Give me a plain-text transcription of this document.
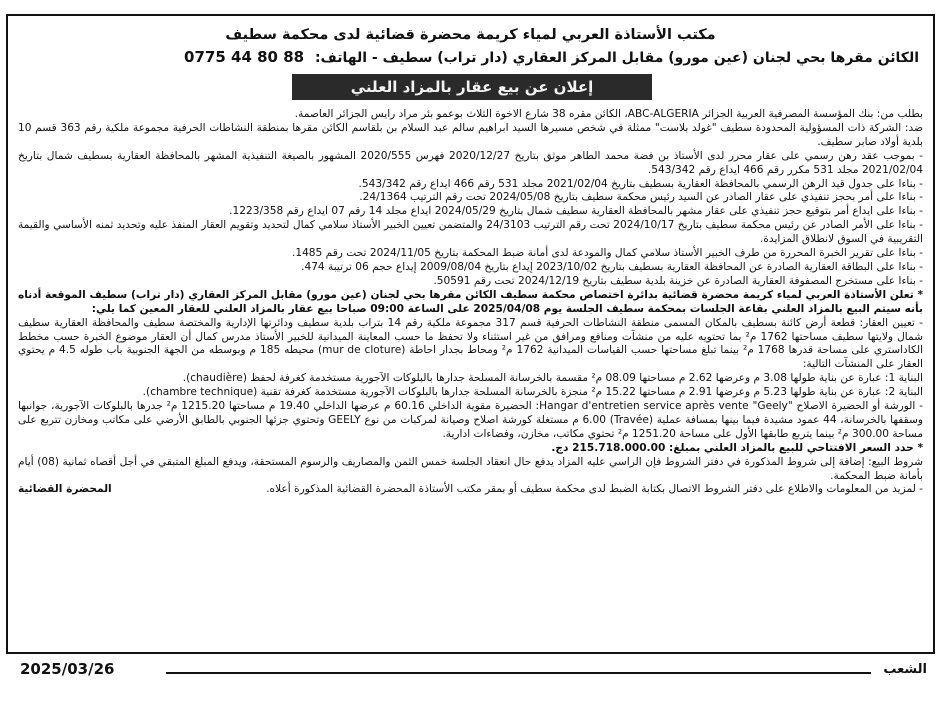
مكتب الأستاذة العربي لمياء كريمة محضرة قضائية لدى محكمة سطيف
الكائن مقرها بحي لجنان (عين مورو) مقابل المركز العقاري (دار تراب) سطيف - الهاتف: 0775 44 80 88
إعلان عن بيع عقار بالمزاد العلني

بطلب من: بنك المؤسسة المصرفية العربية الجزائر ABC-ALGERIA، الكائن مقره 38 شارع الاخوة الثلاث بوعمو بئر مراد رايس الجزائر العاصمة.

ضد: الشركة ذات المسؤولية المحدودة سطيف "غولد بلاست" ممثلة في شخص مسيرها السيد ابراهيم سالم عبد السلام بن بلقاسم الكائن مقرها بمنطقة النشاطات الحرفية مجموعة ملكية رقم 363 قسم 10 بلدية أولاد صابر سطيف.

- بموجب عقد رهن رسمي على عقار محرر لدى الأستاذ بن فضة محمد الطاهر موثق بتاريخ 2020/12/27 فهرس 2020/555 المشهور بالصيغة التنفيذية المشهر بالمحافظة العقارية بسطيف شمال بتاريخ 2021/02/04 مجلد 531 مكرر رقم 466 ايداع رقم 543/342.

- بناءا على جدول قيد الرهن الرسمي بالمحافظة العقارية بسطيف بتاريخ 2021/02/04 مجلد 531 رقم 466 ايداع رقم 543/342.

- بناءا على أمر بحجز تنفيذي على عقار الصادر عن السيد رئيس محكمة سطيف بتاريخ 2024/05/08 تحت رقم الترتيب 24/1364.

- بناءا على ايداع أمر بتوقيع حجز تنفيذي على عقار مشهر بالمحافظة العقارية سطيف شمال بتاريخ 2024/05/29 ايداع مجلد 14 رقم 07 ايداع رقم 1223/358.

- بناءا على الأمر الصادر عن رئيس محكمة سطيف بتاريخ 2024/10/17 تحت رقم الترتيب 24/3103 والمتضمن تعيين الخبير الأستاذ سلامي كمال لتحديد وتقويم العقار المنفذ عليه وتحديد ثمنه الأساسي والقيمة التقريبية في السوق لانطلاق المزايدة.

- بناءا على تقرير الخبرة المحررة من طرف الخبير الأستاذ سلامي كمال والمودعة لدى أمانة ضبط المحكمة بتاريخ 2024/11/05 تحت رقم 1485.

- بناءا على البطاقة العقارية الصادرة عن المحافظة العقارية بسطيف بتاريخ 2023/10/02 إيداع بتاريخ 2009/08/04 إيداع حجم 06 ترتيبة 474.

- بناءا على مستخرج المصفوفة العقارية الصادرة عن خزينة بلدية سطيف بتاريخ 2024/12/19 تحت رقم 50591.

* تعلن الأستاذة العربي لمياء كريمة محضرة قضائية بدائرة اختصاص محكمة سطيف الكائن مقرها بحي لجنان (عين مورو) مقابل المركز العقاري (دار تراب) سطيف الموقعة أدناه بأنه سيتم البيع بالمزاد العلني بقاعة الجلسات بمحكمة سطيف الجلسة يوم 2025/04/08 على الساعة 09:00 صباحا بيع عقار بالمزاد العلني للعقار المعين كما يلي:

- تعيين العقار: قطعة أرض كائنة بسطيف بالمكان المسمى منطقة النشاطات الحرفية قسم 317 مجموعة ملكية رقم 14 بتراب بلدية سطيف ودائرتها الإدارية والمختصة سطيف والمحافظة العقارية سطيف شمال ولايتها سطيف مساحتها 1762 م² بما تحتويه عليه من منشآت ومنافع ومرافق من غير استثناء ولا تحفظ ما حسب المعاينة الميدانية للخبير الأستاذ مدرس كمال أن العقار موضوع الخبرة حسب مخطط الكاداستري على مساحة قدرها 1768 م² بينما تبلغ مساحتها حسب القياسات الميدانية 1762 م² ومحاط بجدار احاطة (mur de cloture) محيطه 185 م وبوسطه من الجهة الجنوبية باب طوله 4.5 م يحتوي العقار على المنشآت التالية:

البناية 1: عبارة عن بناية طولها 3.08 م وعرضها 2.62 م مساحتها 08.09 م² مقسمة بالخرسانة المسلحة جدارها بالبلوكات الآجورية مستخدمة كغرفة لحفظ (chaudière).

البناية 2: عبارة عن بناية طولها 5.23 م وعرضها 2.91 م مساحتها 15.22 م² منجزة بالخرسانة المسلحة جدارها بالبلوكات الآجورية مستخدمة كغرفة تقنية (chambre technique).

- الورشة أو الحضيرة الاصلاح "Hangar d'entretien service après vente "Geely: الحضيرة مقوية الداخلي 60.16 م عرضها الداخلي 19.40 م مساحتها 1215.20 م² جدرها بالبلوكات الآجورية، جوانبها وسقفها بالخرسانة، 44 عمود مشيدة فيما بينها بمسافة عملية (Travée) 6.00 م مستغلة كورشة اصلاح وصيانة لمركبات من نوع GEELY وتحتوي جزئها الجنوبي بالطابق الأرضي على مكاتب ومخازن تتربع على مساحة 300.00 م² بينما يتربع طابقها الأول على مساحة 1251.20 م² تحتوي مكاتب، مخازن، وفضاءات ادارية.

* حدد السعر الافتتاحي للبيع بالمزاد العلني بمبلغ: 215.718.000.00 دج.

شروط البيع: إضافة إلى شروط المذكورة في دفتر الشروط فإن الراسي عليه المزاد يدفع حال انعقاد الجلسة خمس الثمن والمصاريف والرسوم المستحقة، ويدفع المبلغ المتبقي في أجل أقصاه ثمانية (08) أيام بأمانة ضبط المحكمة.

- لمزيد من المعلومات والاطلاع على دفتر الشروط الاتصال بكتابة الضبط لدى محكمة سطيف أو بمقر مكتب الأستاذة المحضرة القضائية المذكورة أعلاه.
المحضرة القضائية

الشعب
2025/03/26
